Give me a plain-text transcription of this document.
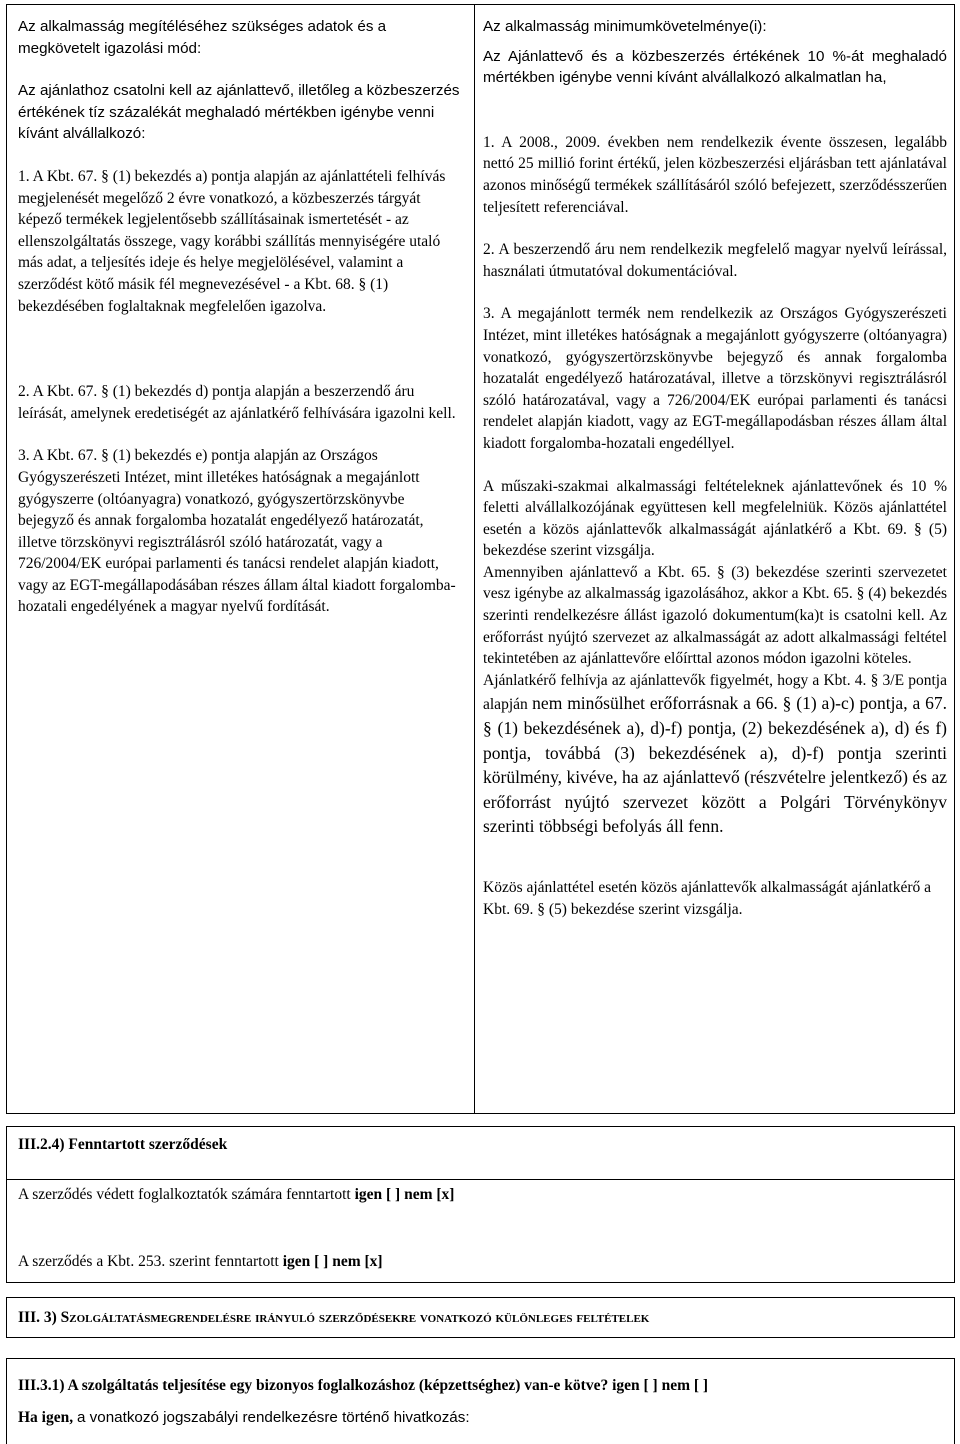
Az alkalmasság megítéléséhez szükséges adatok és a megkövetelt igazolási mód:

Az ajánlathoz csatolni kell az ajánlattevő, illetőleg a közbeszerzés értékének tíz százalékát meghaladó mértékben igénybe venni kívánt alvállalkozó:

1. A Kbt. 67. § (1) bekezdés a) pontja alapján az ajánlattételi felhívás megjelenését megelőző 2 évre vonatkozó, a közbeszerzés tárgyát képező termékek legjelentősebb szállításainak ismertetését - az ellenszolgáltatás összege, vagy korábbi szállítás mennyiségére utaló más adat, a teljesítés ideje és helye megjelölésével, valamint a szerződést kötő másik fél megnevezésével - a Kbt. 68. § (1) bekezdésében foglaltaknak megfelelően igazolva.

2. A Kbt. 67. § (1) bekezdés d) pontja alapján a beszerzendő áru leírását, amelynek eredetiségét az ajánlatkérő felhívására igazolni kell.

3. A Kbt. 67. § (1) bekezdés e) pontja alapján az Országos Gyógyszerészeti Intézet, mint illetékes hatóságnak a megajánlott gyógyszerre (oltóanyagra) vonatkozó, gyógyszertörzskönyvbe bejegyző és annak forgalomba hozatalát engedélyező határozatát, illetve törzskönyvi regisztrálásról szóló határozatát, vagy a 726/2004/EK európai parlamenti és tanácsi rendelet alapján kiadott, vagy az EGT-megállapodásában részes állam által kiadott forgalomba- hozatali engedélyének a magyar nyelvű fordítását.

Az alkalmasság minimumkövetelménye(i):

Az Ajánlattevő és a közbeszerzés értékének 10 %-át meghaladó mértékben igénybe venni kívánt alvállalkozó alkalmatlan ha,

1. A 2008., 2009. években nem rendelkezik évente összesen, legalább nettó 25 millió forint értékű, jelen közbeszerzési eljárásban tett ajánlatával azonos minőségű termékek szállításáról szóló befejezett, szerződésszerűen teljesített referenciával.

2. A beszerzendő áru nem rendelkezik megfelelő magyar nyelvű leírással, használati útmutatóval dokumentációval.

3. A megajánlott termék nem rendelkezik az Országos Gyógyszerészeti Intézet, mint illetékes hatóságnak a megajánlott gyógyszerre (oltóanyagra) vonatkozó, gyógyszertörzskönyvbe bejegyző és annak forgalomba hozatalát engedélyező határozatával, illetve a törzskönyvi regisztrálásról szóló határozatával, vagy a 726/2004/EK európai parlamenti és tanácsi rendelet alapján kiadott, vagy az EGT-megállapodásban részes állam által kiadott forgalomba-hozatali engedéllyel.

A műszaki-szakmai alkalmassági feltételeknek ajánlattevőnek és 10 % feletti alvállalkozójának együttesen kell megfelelniük. Közös ajánlattétel esetén a közös ajánlattevők alkalmasságát ajánlatkérő a Kbt. 69. § (5) bekezdése szerint vizsgálja.

Amennyiben ajánlattevő a Kbt. 65. § (3) bekezdése szerinti szervezetet vesz igénybe az alkalmasság igazolásához, akkor a Kbt. 65. § (4) bekezdés szerinti rendelkezésre állást igazoló dokumentum(ka)t is csatolni kell. Az erőforrást nyújtó szervezet az alkalmasságát az adott alkalmassági feltétel tekintetében az ajánlattevőre előírttal azonos módon igazolni köteles.

Ajánlatkérő felhívja az ajánlattevők figyelmét, hogy a Kbt. 4. § 3/E pontja alapján nem minősülhet erőforrásnak a 66. § (1) a)-c) pontja, a 67. § (1) bekezdésének a), d)-f) pontja, (2) bekezdésének a), d) és f) pontja, továbbá (3) bekezdésének a), d)-f) pontja szerinti körülmény, kivéve, ha az ajánlattevő (részvételre jelentkező) és az erőforrást nyújtó szervezet között a Polgári Törvénykönyv szerinti többségi befolyás áll fenn.

Közös ajánlattétel esetén közös ajánlattevők alkalmasságát ajánlatkérő a Kbt. 69. § (5) bekezdése szerint vizsgálja.

III.2.4) Fenntartott szerződések

A szerződés védett foglalkoztatók számára fenntartott igen [ ] nem [x]

A szerződés a Kbt. 253. szerint fenntartott igen [ ] nem [x]

III. 3) Szolgáltatásmegrendelésre irányuló szerződésekre vonatkozó különleges feltételek

III.3.1) A szolgáltatás teljesítése egy bizonyos foglalkozáshoz (képzettséghez) van-e kötve? igen [ ] nem [ ]

Ha igen, a vonatkozó jogszabályi rendelkezésre történő hivatkozás:
